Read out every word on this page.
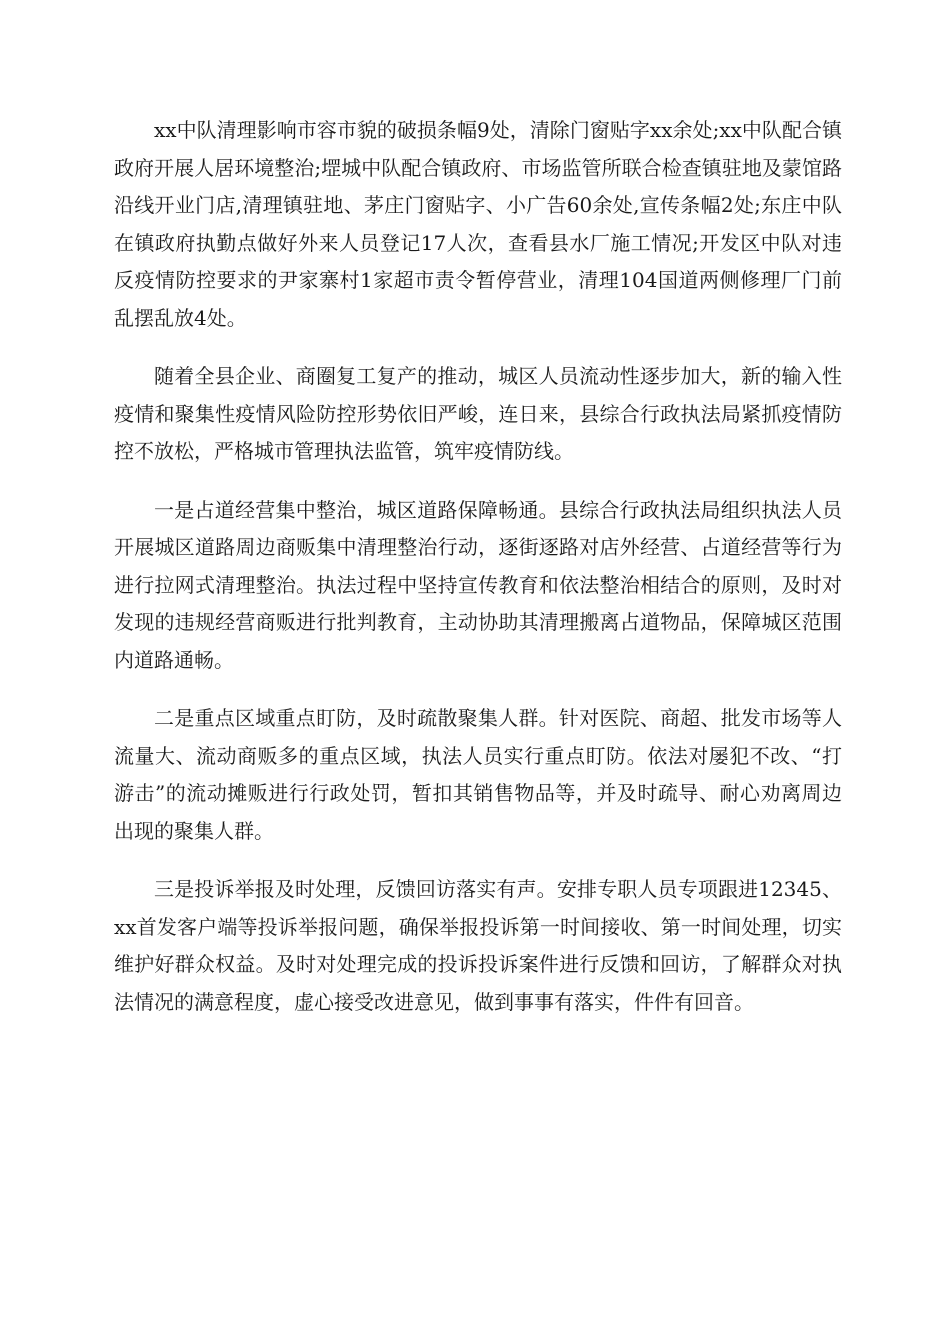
xx中队清理影响市容市貌的破损条幅9处，清除门窗贴字xx余处;xx中队配合镇政府开展人居环境整治;堽城中队配合镇政府、市场监管所联合检查镇驻地及蒙馆路沿线开业门店,清理镇驻地、茅庄门窗贴字、小广告60余处,宣传条幅2处;东庄中队在镇政府执勤点做好外来人员登记17人次，查看县水厂施工情况;开发区中队对违反疫情防控要求的尹家寨村1家超市责令暂停营业，清理104国道两侧修理厂门前乱摆乱放4处。

随着全县企业、商圈复工复产的推动，城区人员流动性逐步加大，新的输入性疫情和聚集性疫情风险防控形势依旧严峻，连日来，县综合行政执法局紧抓疫情防控不放松，严格城市管理执法监管，筑牢疫情防线。

一是占道经营集中整治，城区道路保障畅通。县综合行政执法局组织执法人员开展城区道路周边商贩集中清理整治行动，逐街逐路对店外经营、占道经营等行为进行拉网式清理整治。执法过程中坚持宣传教育和依法整治相结合的原则，及时对发现的违规经营商贩进行批判教育，主动协助其清理搬离占道物品，保障城区范围内道路通畅。

二是重点区域重点盯防，及时疏散聚集人群。针对医院、商超、批发市场等人流量大、流动商贩多的重点区域，执法人员实行重点盯防。依法对屡犯不改、“打游击”的流动摊贩进行行政处罚，暂扣其销售物品等，并及时疏导、耐心劝离周边出现的聚集人群。

三是投诉举报及时处理，反馈回访落实有声。安排专职人员专项跟进12345、xx首发客户端等投诉举报问题，确保举报投诉第一时间接收、第一时间处理，切实维护好群众权益。及时对处理完成的投诉投诉案件进行反馈和回访，了解群众对执法情况的满意程度，虚心接受改进意见，做到事事有落实，件件有回音。
